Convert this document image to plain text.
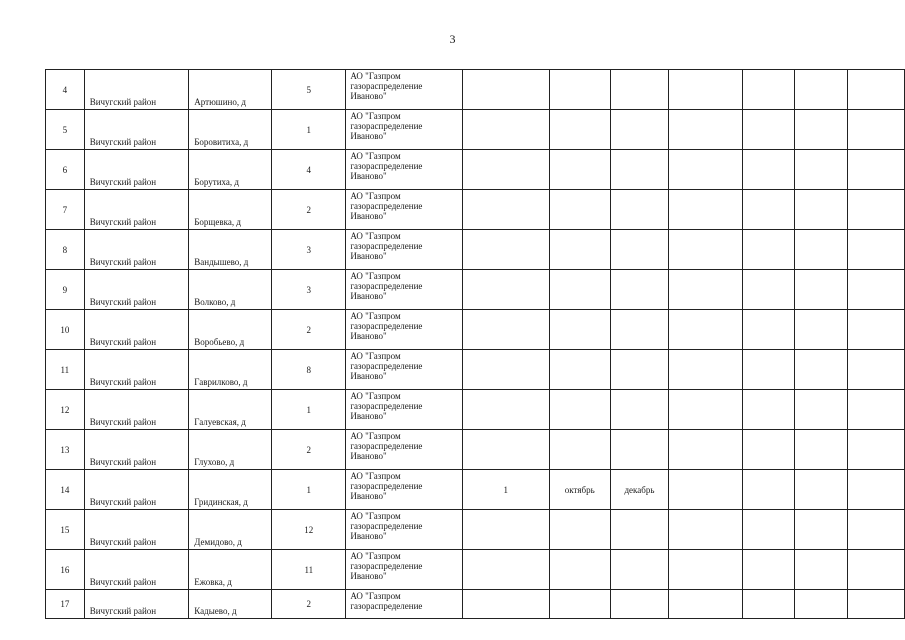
3
4	Вичугский район	Артюшино, д	5	АО "Газпром
газораспределение
Иваново"							

5	Вичугский район	Боровитиха, д	1	АО "Газпром
газораспределение
Иваново"							

6	Вичугский район	Борутиха, д	4	АО "Газпром
газораспределение
Иваново"							

7	Вичугский район	Борщевка, д	2	АО "Газпром
газораспределение
Иваново"							

8	Вичугский район	Вандышево, д	3	АО "Газпром
газораспределение
Иваново"							

9	Вичугский район	Волково, д	3	АО "Газпром
газораспределение
Иваново"							

10	Вичугский район	Воробьево, д	2	АО "Газпром
газораспределение
Иваново"							

11	Вичугский район	Гаврилково, д	8	АО "Газпром
газораспределение
Иваново"							

12	Вичугский район	Галуевская, д	1	АО "Газпром
газораспределение
Иваново"							

13	Вичугский район	Глухово, д	2	АО "Газпром
газораспределение
Иваново"							

14	Вичугский район	Гридинская, д	1	АО "Газпром
газораспределение
Иваново"	1	октябрь	декабрь				
15	Вичугский район	Демидово, д	12	АО "Газпром
газораспределение
Иваново"							

16	Вичугский район	Ежовка, д	11	АО "Газпром
газораспределение
Иваново"							

17	Вичугский район	Кадыево, д	2	АО "Газпром
газораспределение							
